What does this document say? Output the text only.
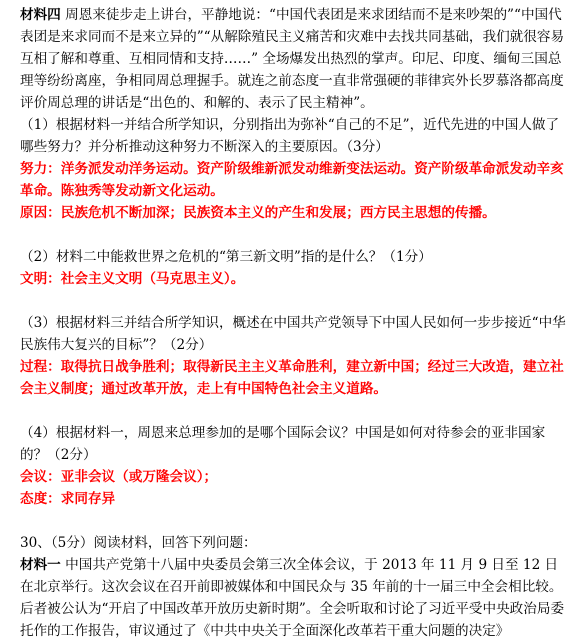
材料四 周恩来徒步走上讲台，平静地说：“中国代表团是来求团结而不是来吵架的”“中国代表团是来求同而不是来立异的”“从解除殖民主义痛苦和灾难中去找共同基础，我们就很容易互相了解和尊重、互相同情和支持……” 全场爆发出热烈的掌声。印尼、印度、缅甸三国总理等纷纷离座，争相同周总理握手。就连之前态度一直非常强硬的菲律宾外长罗慕洛都高度评价周总理的讲话是“出色的、和解的、表示了民主精神”。

（1）根据材料一并结合所学知识，分别指出为弥补“自己的不足”，近代先进的中国人做了哪些努力？并分析推动这种努力不断深入的主要原因。（3分）

努力：洋务派发动洋务运动。资产阶级维新派发动维新变法运动。资产阶级革命派发动辛亥革命。陈独秀等发动新文化运动。

原因：民族危机不断加深；民族资本主义的产生和发展；西方民主思想的传播。

（2）材料二中能救世界之危机的“第三新文明”指的是什么？（1分）

文明：社会主义文明（马克思主义）。

（3）根据材料三并结合所学知识，概述在中国共产党领导下中国人民如何一步步接近“中华民族伟大复兴的目标”？（2分）

过程：取得抗日战争胜利；取得新民主主义革命胜利，建立新中国；经过三大改造，建立社会主义制度；通过改革开放，走上有中国特色社会主义道路。

（4）根据材料一，周恩来总理参加的是哪个国际会议？中国是如何对待参会的亚非国家的？（2分）

会议：亚非会议（或万隆会议）；

态度：求同存异

30、（5分）阅读材料，回答下列问题：

材料一 中国共产党第十八届中央委员会第三次全体会议，于 2013 年 11 月 9 日至 12 日在北京举行。这次会议在召开前即被媒体和中国民众与 35 年前的十一届三中全会相比较。后者被公认为“开启了中国改革开放历史新时期”。全会听取和讨论了习近平受中央政治局委托作的工作报告，审议通过了《中共中央关于全面深化改革若干重大问题的决定》
